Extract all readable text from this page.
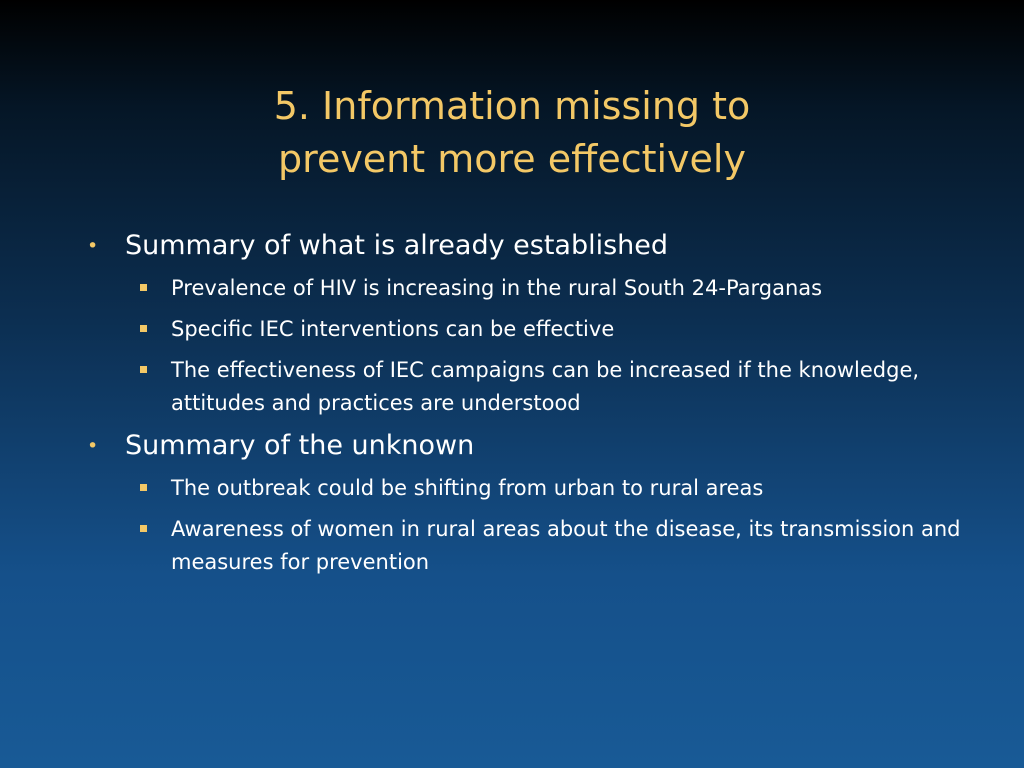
5. Information missing to
prevent more effectively
• Summary of what is already established
Prevalence of HIV is increasing in the rural South 24-Parganas
Specific IEC interventions can be effective
The effectiveness of IEC campaigns can be increased if the knowledge, attitudes and practices are understood
• Summary of the unknown
The outbreak could be shifting from urban to rural areas
Awareness of women in rural areas about the disease, its transmission and measures for prevention
